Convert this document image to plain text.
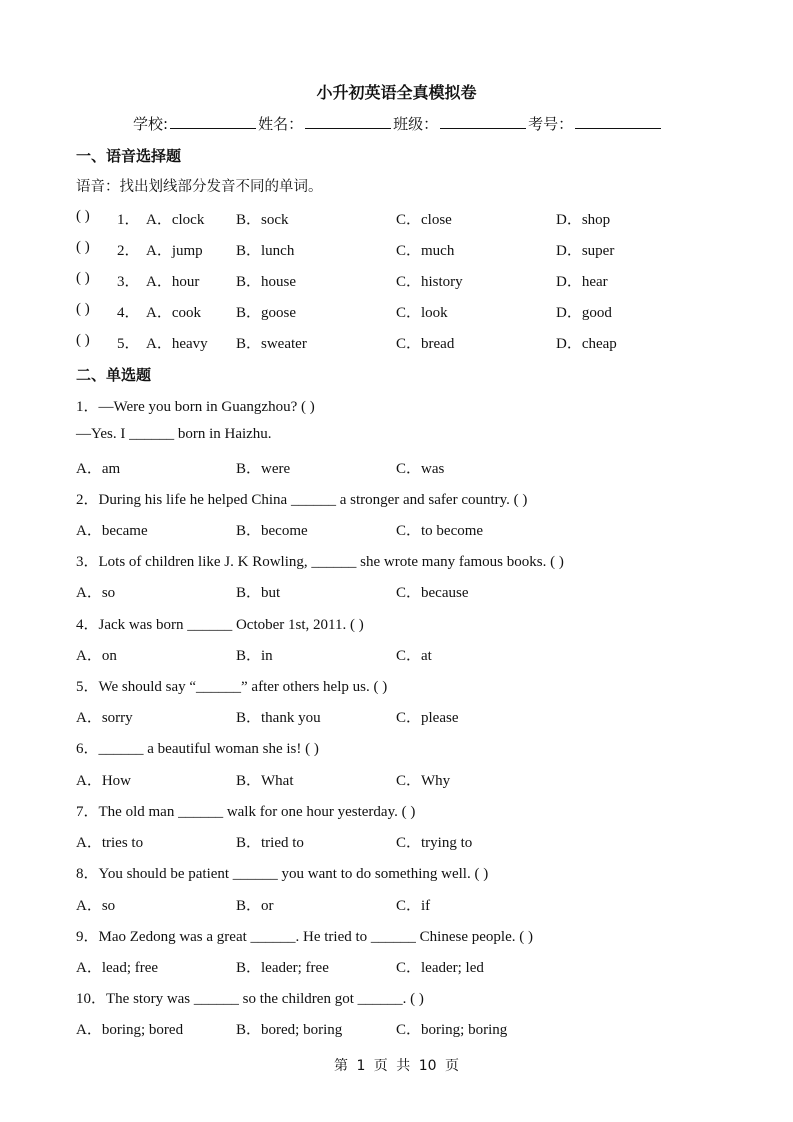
小升初英语全真模拟卷
学校:	姓名：	班级：	考号：
一、语音选择题
语音：找出划线部分发音不同的单词。
( ) 1． A．clock B．sock	C．close	D．shop
( ) 2． A．jump B．lunch	C．much	D．super
( ) 3． A．hour B．house	C．history	D．hear
( ) 4． A．cook B．goose	C．look	D．good
( ) 5． A．heavy B．sweater	C．bread	D．cheap
二、单选题
1．—Were you born in Guangzhou? ( )
—Yes. I ______ born in Haizhu.
A．am	B．were	C．was
2．During his life he helped China ______ a stronger and safer country. ( )
A．became	B．become	C．to become
3．Lots of children like J. K Rowling, ______ she wrote many famous books. ( )
A．so	B．but	C．because
4．Jack was born ______ October 1st, 2011. ( )
A．on	B．in	C．at
5．We should say “______” after others help us. ( )
A．sorry	B．thank you	C．please
6．______ a beautiful woman she is! ( )
A．How	B．What	C．Why
7．The old man ______ walk for one hour yesterday. ( )
A．tries to	B．tried to	C．trying to
8．You should be patient ______ you want to do something well. ( )
A．so	B．or	C．if
9．Mao Zedong was a great ______. He tried to ______ Chinese people. ( )
A．lead; free	B．leader; free	C．leader; led
10．The story was ______ so the children got ______. ( )
A．boring; bored	B．bored; boring	C．boring; boring
第 1 页 共 10 页
